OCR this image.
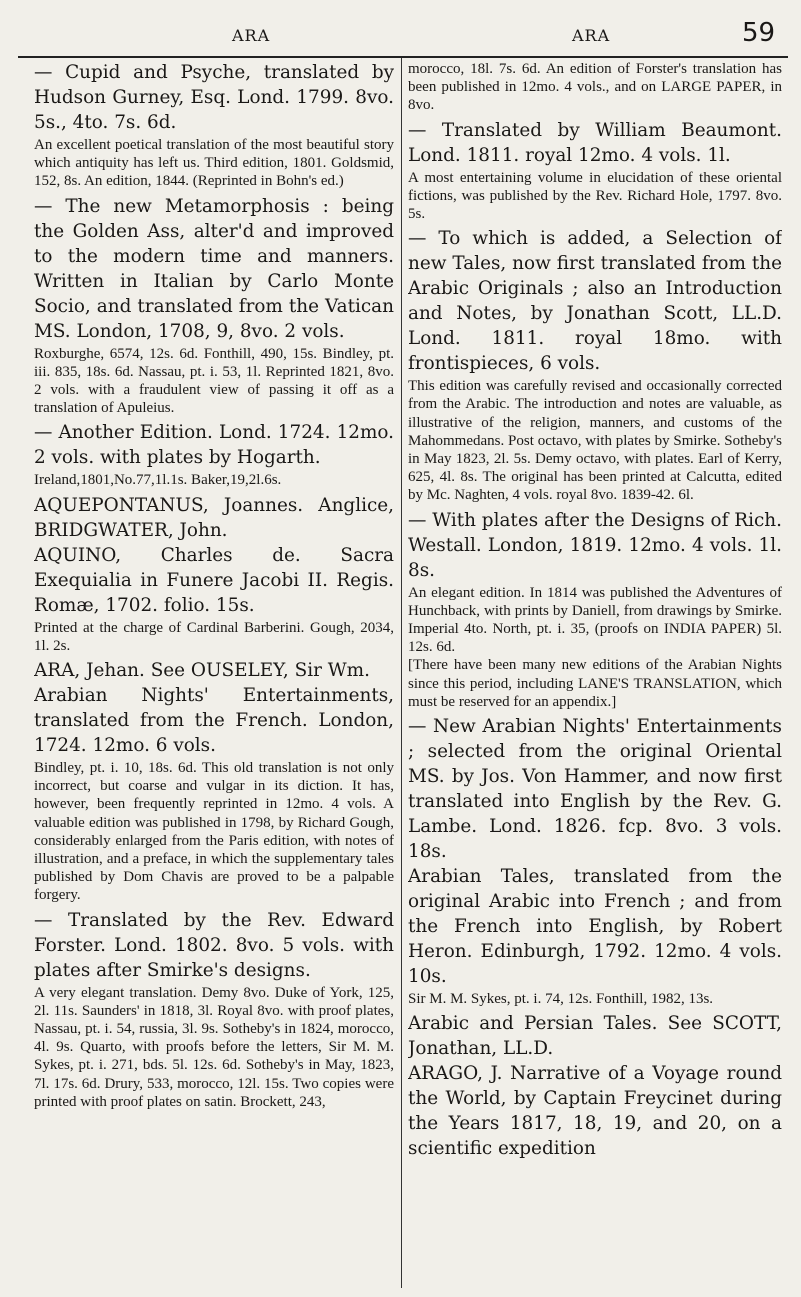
ARA	ARA	59

— Cupid and Psyche, translated by Hudson Gurney, Esq. Lond. 1799. 8vo. 5s., 4to. 7s. 6d.

An excellent poetical translation of the most beautiful story which antiquity has left us. Third edition, 1801. Goldsmid, 152, 8s. An edition, 1844. (Reprinted in Bohn's ed.)

— The new Metamorphosis : being the Golden Ass, alter'd and improved to the modern time and manners. Written in Italian by Carlo Monte Socio, and translated from the Vatican MS. London, 1708, 9, 8vo. 2 vols.

Roxburghe, 6574, 12s. 6d. Fonthill, 490, 15s. Bindley, pt. iii. 835, 18s. 6d. Nassau, pt. i. 53, 1l. Reprinted 1821, 8vo. 2 vols. with a fraudulent view of passing it off as a translation of Apuleius.

— Another Edition. Lond. 1724. 12mo. 2 vols. with plates by Hogarth.

Ireland,1801,No.77,1l.1s. Baker,19,2l.6s.

AQUEPONTANUS, Joannes. Anglice, BRIDGWATER, John.

AQUINO, Charles de. Sacra Exequialia in Funere Jacobi II. Regis. Romæ, 1702. folio. 15s.

Printed at the charge of Cardinal Barberini. Gough, 2034, 1l. 2s.

ARA, Jehan. See OUSELEY, Sir Wm.

Arabian Nights' Entertainments, translated from the French. London, 1724. 12mo. 6 vols.

Bindley, pt. i. 10, 18s. 6d. This old translation is not only incorrect, but coarse and vulgar in its diction. It has, however, been frequently reprinted in 12mo. 4 vols. A valuable edition was published in 1798, by Richard Gough, considerably enlarged from the Paris edition, with notes of illustration, and a preface, in which the supplementary tales published by Dom Chavis are proved to be a palpable forgery.

— Translated by the Rev. Edward Forster. Lond. 1802. 8vo. 5 vols. with plates after Smirke's designs.

A very elegant translation. Demy 8vo. Duke of York, 125, 2l. 11s. Saunders' in 1818, 3l. Royal 8vo. with proof plates, Nassau, pt. i. 54, russia, 3l. 9s. Sotheby's in 1824, morocco, 4l. 9s. Quarto, with proofs before the letters, Sir M. M. Sykes, pt. i. 271, bds. 5l. 12s. 6d. Sotheby's in May, 1823, 7l. 17s. 6d. Drury, 533, morocco, 12l. 15s. Two copies were printed with proof plates on satin. Brockett, 243,

morocco, 18l. 7s. 6d. An edition of Forster's translation has been published in 12mo. 4 vols., and on LARGE PAPER, in 8vo.

— Translated by William Beaumont. Lond. 1811. royal 12mo. 4 vols. 1l.

A most entertaining volume in elucidation of these oriental fictions, was published by the Rev. Richard Hole, 1797. 8vo. 5s.

— To which is added, a Selection of new Tales, now first translated from the Arabic Originals ; also an Introduction and Notes, by Jonathan Scott, LL.D. Lond. 1811. royal 18mo. with frontispieces, 6 vols.

This edition was carefully revised and occasionally corrected from the Arabic. The introduction and notes are valuable, as illustrative of the religion, manners, and customs of the Mahommedans. Post octavo, with plates by Smirke. Sotheby's in May 1823, 2l. 5s. Demy octavo, with plates. Earl of Kerry, 625, 4l. 8s. The original has been printed at Calcutta, edited by Mc. Naghten, 4 vols. royal 8vo. 1839-42. 6l.

— With plates after the Designs of Rich. Westall. London, 1819. 12mo. 4 vols. 1l. 8s.

An elegant edition. In 1814 was published the Adventures of Hunchback, with prints by Daniell, from drawings by Smirke. Imperial 4to. North, pt. i. 35, (proofs on INDIA PAPER) 5l. 12s. 6d.

[There have been many new editions of the Arabian Nights since this period, including LANE'S TRANSLATION, which must be reserved for an appendix.]

— New Arabian Nights' Entertainments ; selected from the original Oriental MS. by Jos. Von Hammer, and now first translated into English by the Rev. G. Lambe. Lond. 1826. fcp. 8vo. 3 vols. 18s.

Arabian Tales, translated from the original Arabic into French ; and from the French into English, by Robert Heron. Edinburgh, 1792. 12mo. 4 vols. 10s.

Sir M. M. Sykes, pt. i. 74, 12s. Fonthill, 1982, 13s.

Arabic and Persian Tales. See SCOTT, Jonathan, LL.D.

ARAGO, J. Narrative of a Voyage round the World, by Captain Freycinet during the Years 1817, 18, 19, and 20, on a scientific expedition
